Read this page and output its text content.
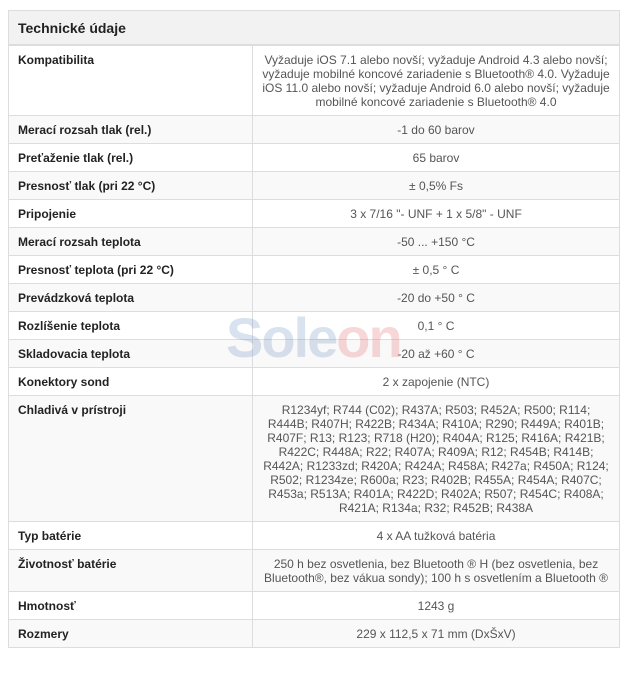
Technické údaje
Kompatibilita	Vyžaduje iOS 7.1 alebo novší; vyžaduje Android 4.3 alebo novší; vyžaduje mobilné koncové zariadenie s Bluetooth® 4.0. Vyžaduje iOS 11.0 alebo novší; vyžaduje Android 6.0 alebo novší; vyžaduje mobilné koncové zariadenie s Bluetooth® 4.0
Merací rozsah tlak (rel.)	-1 do 60 barov
Preťaženie tlak (rel.)	65 barov
Presnosť tlak (pri 22 °C)	± 0,5% Fs
Pripojenie	3 x 7/16 "- UNF + 1 x 5/8" - UNF
Merací rozsah teplota	-50 ... +150 °C
Presnosť teplota (pri 22 °C)	± 0,5 ° C
Prevádzková teplota	-20 do +50 ° C
Rozlíšenie teplota	0,1 ° C
Skladovacia teplota	-20 až +60 ° C
Konektory sond	2 x zapojenie (NTC)
Chladivá v prístroji	R1234yf; R744 (C02); R437A; R503; R452A; R500; R114; R444B; R407H; R422B; R434A; R410A; R290; R449A; R401B; R407F; R13; R123; R718 (H20); R404A; R125; R416A; R421B; R422C; R448A; R22; R407A; R409A; R12; R454B; R414B; R442A; R1233zd; R420A; R424A; R458A; R427a; R450A; R124; R502; R1234ze; R600a; R23; R402B; R455A; R454A; R407C; R453a; R513A; R401A; R422D; R402A; R507; R454C; R408A; R421A; R134a; R32; R452B; R438A
Typ batérie	4 x AA tužková batéria
Životnosť batérie	250 h bez osvetlenia, bez Bluetooth ® H (bez osvetlenia, bez Bluetooth®, bez vákua sondy); 100 h s osvetlením a Bluetooth ®
Hmotnosť	1243 g
Rozmery	229 x 112,5 x 71 mm (DxŠxV)
Soleon
